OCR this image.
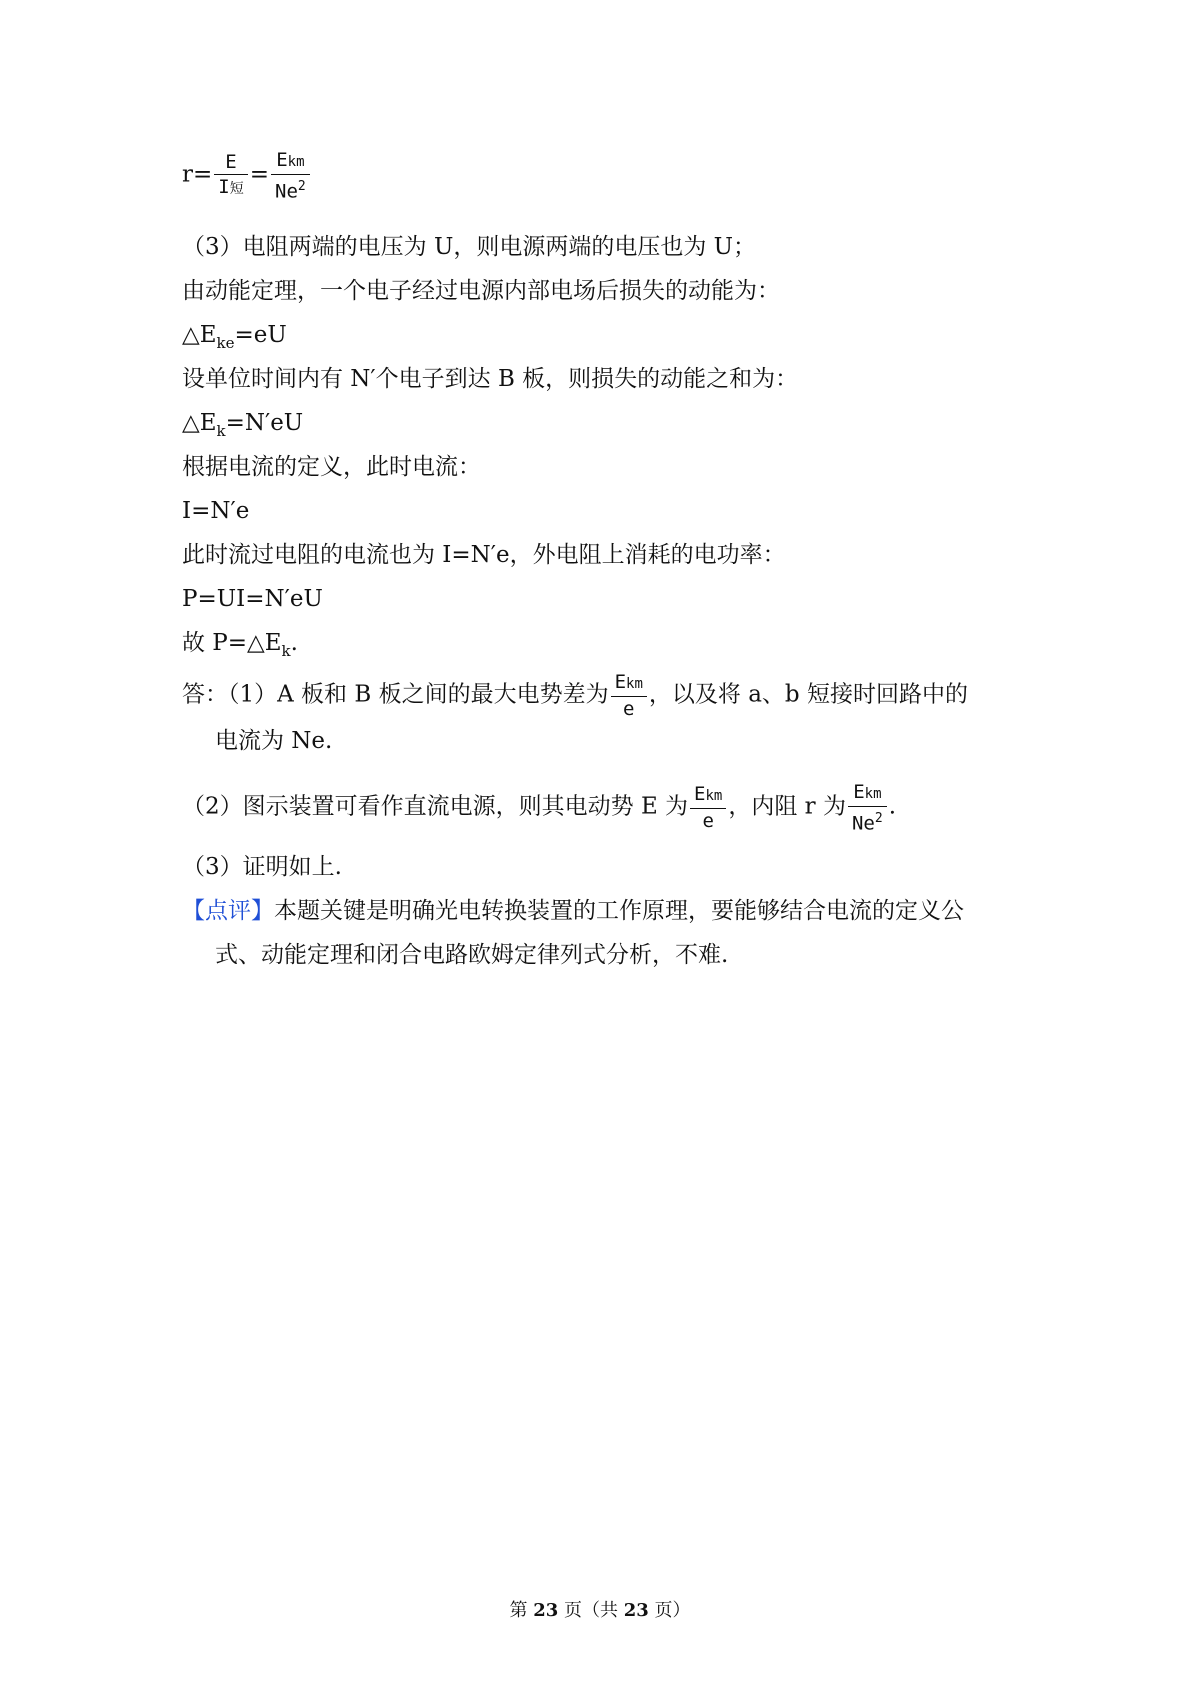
$r= \frac{E}{\text{I短}} = \frac{\text{Ekm}}{Ne^2}$
（3）电阻两端的电压为 U，则电源两端的电压也为 U；
由动能定理，一个电子经过电源内部电场后损失的动能为：
$\triangle E_{ke}=eU$
设单位时间内有 N′个电子到达 B 板，则损失的动能之和为：
$\triangle E_k=N'eU$
根据电流的定义，此时电流：
I=N′e
此时流过电阻的电流也为 I=N′e，外电阻上消耗的电功率：
P=UI=N′eU
故 $P=\triangle E_k$.
答：（1）A 板和 B 板之间的最大电势差为 $\frac{\text{Ekm}}{e}$ ，以及将 a、b 短接时回路中的
电流为 Ne.
（2）图示装置可看作直流电源，则其电动势 E 为 $\frac{\text{Ekm}}{e}$ ，内阻 r 为 $\frac{\text{Ekm}}{Ne^2}$ .
（3）证明如上.
【点评】本题关键是明确光电转换装置的工作原理，要能够结合电流的定义公
式、动能定理和闭合电路欧姆定律列式分析，不难.
第 23 页（共 23 页）
